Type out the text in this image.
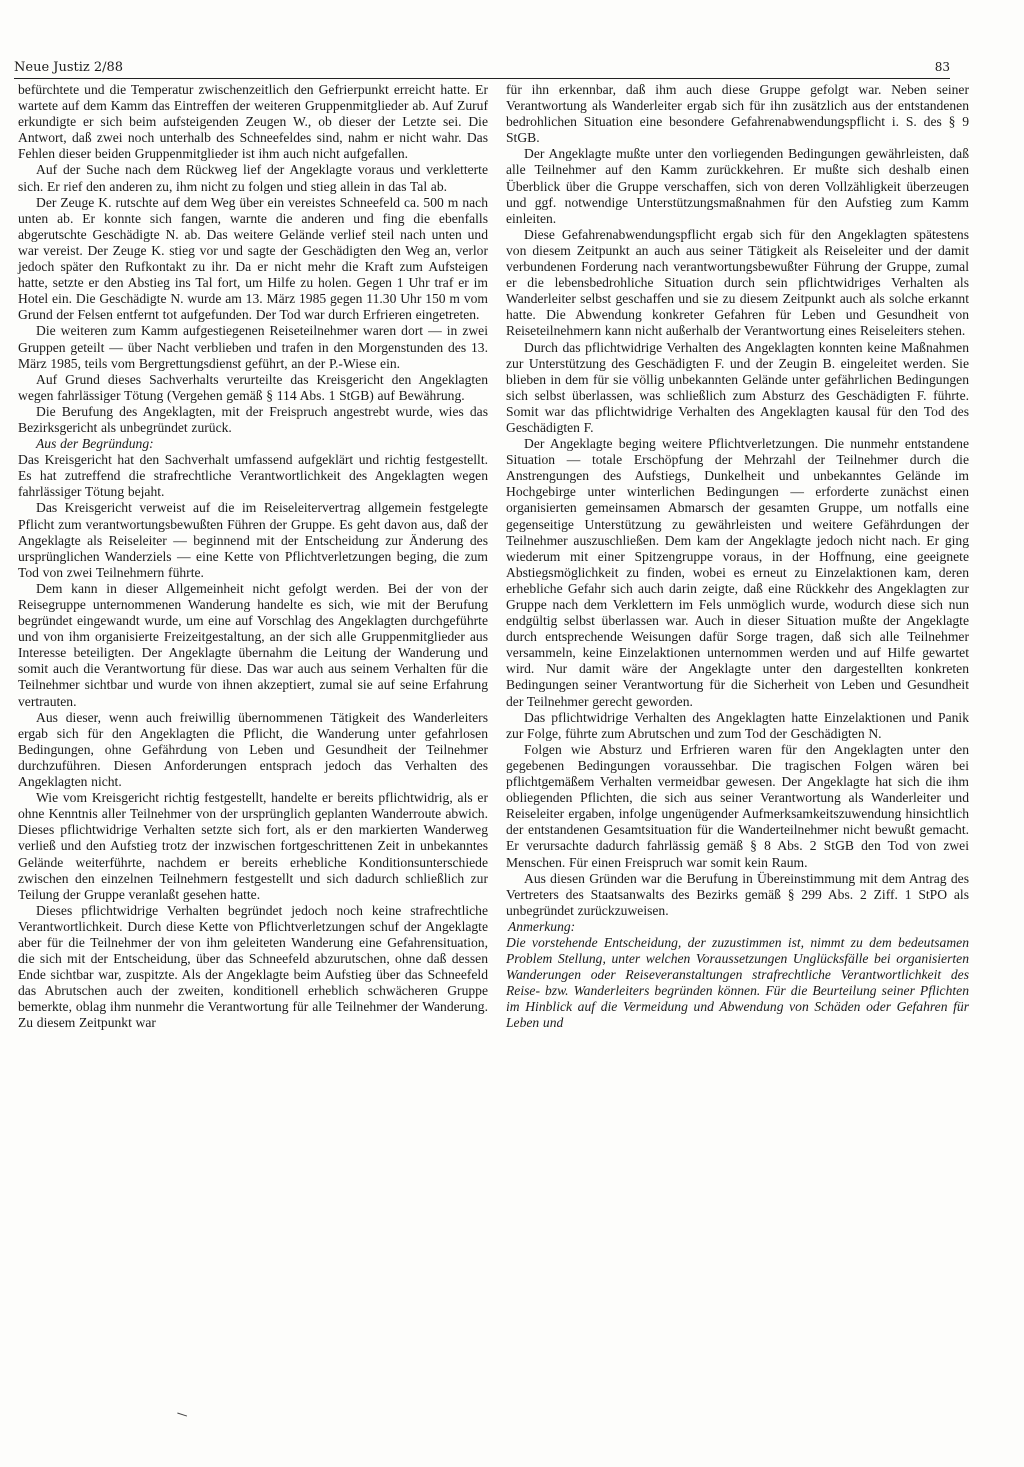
Neue Justiz 2/88	83

befürchtete und die Temperatur zwischenzeitlich den Gefrierpunkt erreicht hatte. Er wartete auf dem Kamm das Eintreffen der weiteren Gruppenmitglieder ab. Auf Zuruf erkundigte er sich beim aufsteigenden Zeugen W., ob dieser der Letzte sei. Die Antwort, daß zwei noch unterhalb des Schneefeldes sind, nahm er nicht wahr. Das Fehlen dieser beiden Gruppenmitglieder ist ihm auch nicht aufgefallen.

Auf der Suche nach dem Rückweg lief der Angeklagte voraus und verkletterte sich. Er rief den anderen zu, ihm nicht zu folgen und stieg allein in das Tal ab.

Der Zeuge K. rutschte auf dem Weg über ein vereistes Schneefeld ca. 500 m nach unten ab. Er konnte sich fangen, warnte die anderen und fing die ebenfalls abgerutschte Geschädigte N. ab. Das weitere Gelände verlief steil nach unten und war vereist. Der Zeuge K. stieg vor und sagte der Geschädigten den Weg an, verlor jedoch später den Rufkontakt zu ihr. Da er nicht mehr die Kraft zum Aufsteigen hatte, setzte er den Abstieg ins Tal fort, um Hilfe zu holen. Gegen 1 Uhr traf er im Hotel ein. Die Geschädigte N. wurde am 13. März 1985 gegen 11.30 Uhr 150 m vom Grund der Felsen entfernt tot aufgefunden. Der Tod war durch Erfrieren eingetreten.

Die weiteren zum Kamm aufgestiegenen Reiseteilnehmer waren dort — in zwei Gruppen geteilt — über Nacht verblieben und trafen in den Morgenstunden des 13. März 1985, teils vom Bergrettungsdienst geführt, an der P.-Wiese ein.

Auf Grund dieses Sachverhalts verurteilte das Kreisgericht den Angeklagten wegen fahrlässiger Tötung (Vergehen gemäß § 114 Abs. 1 StGB) auf Bewährung.

Die Berufung des Angeklagten, mit der Freispruch angestrebt wurde, wies das Bezirksgericht als unbegründet zurück.

Aus der Begründung:

Das Kreisgericht hat den Sachverhalt umfassend aufgeklärt und richtig festgestellt. Es hat zutreffend die strafrechtliche Verantwortlichkeit des Angeklagten wegen fahrlässiger Tötung bejaht.

Das Kreisgericht verweist auf die im Reiseleitervertrag allgemein festgelegte Pflicht zum verantwortungsbewußten Führen der Gruppe. Es geht davon aus, daß der Angeklagte als Reiseleiter — beginnend mit der Entscheidung zur Änderung des ursprünglichen Wanderziels — eine Kette von Pflichtverletzungen beging, die zum Tod von zwei Teilnehmern führte.

Dem kann in dieser Allgemeinheit nicht gefolgt werden. Bei der von der Reisegruppe unternommenen Wanderung handelte es sich, wie mit der Berufung begründet eingewandt wurde, um eine auf Vorschlag des Angeklagten durchgeführte und von ihm organisierte Freizeitgestaltung, an der sich alle Gruppenmitglieder aus Interesse beteiligten. Der Angeklagte übernahm die Leitung der Wanderung und somit auch die Verantwortung für diese. Das war auch aus seinem Verhalten für die Teilnehmer sichtbar und wurde von ihnen akzeptiert, zumal sie auf seine Erfahrung vertrauten.

Aus dieser, wenn auch freiwillig übernommenen Tätigkeit des Wanderleiters ergab sich für den Angeklagten die Pflicht, die Wanderung unter gefahrlosen Bedingungen, ohne Gefährdung von Leben und Gesundheit der Teilnehmer durchzuführen. Diesen Anforderungen entsprach jedoch das Verhalten des Angeklagten nicht.

Wie vom Kreisgericht richtig festgestellt, handelte er bereits pflichtwidrig, als er ohne Kenntnis aller Teilnehmer von der ursprünglich geplanten Wanderroute abwich. Dieses pflichtwidrige Verhalten setzte sich fort, als er den markierten Wanderweg verließ und den Aufstieg trotz der inzwischen fortgeschrittenen Zeit in unbekanntes Gelände weiterführte, nachdem er bereits erhebliche Konditionsunterschiede zwischen den einzelnen Teilnehmern festgestellt und sich dadurch schließlich zur Teilung der Gruppe veranlaßt gesehen hatte.

Dieses pflichtwidrige Verhalten begründet jedoch noch keine strafrechtliche Verantwortlichkeit. Durch diese Kette von Pflichtverletzungen schuf der Angeklagte aber für die Teilnehmer der von ihm geleiteten Wanderung eine Gefahrensituation, die sich mit der Entscheidung, über das Schneefeld abzurutschen, ohne daß dessen Ende sichtbar war, zuspitzte. Als der Angeklagte beim Aufstieg über das Schneefeld das Abrutschen auch der zweiten, konditionell erheblich schwächeren Gruppe bemerkte, oblag ihm nunmehr die Verantwortung für alle Teilnehmer der Wanderung. Zu diesem Zeitpunkt war

für ihn erkennbar, daß ihm auch diese Gruppe gefolgt war. Neben seiner Verantwortung als Wanderleiter ergab sich für ihn zusätzlich aus der entstandenen bedrohlichen Situation eine besondere Gefahrenabwendungspflicht i. S. des § 9 StGB.

Der Angeklagte mußte unter den vorliegenden Bedingungen gewährleisten, daß alle Teilnehmer auf den Kamm zurückkehren. Er mußte sich deshalb einen Überblick über die Gruppe verschaffen, sich von deren Vollzähligkeit überzeugen und ggf. notwendige Unterstützungsmaßnahmen für den Aufstieg zum Kamm einleiten.

Diese Gefahrenabwendungspflicht ergab sich für den Angeklagten spätestens von diesem Zeitpunkt an auch aus seiner Tätigkeit als Reiseleiter und der damit verbundenen Forderung nach verantwortungsbewußter Führung der Gruppe, zumal er die lebensbedrohliche Situation durch sein pflichtwidriges Verhalten als Wanderleiter selbst geschaffen und sie zu diesem Zeitpunkt auch als solche erkannt hatte. Die Abwendung konkreter Gefahren für Leben und Gesundheit von Reiseteilnehmern kann nicht außerhalb der Verantwortung eines Reiseleiters stehen.

Durch das pflichtwidrige Verhalten des Angeklagten konnten keine Maßnahmen zur Unterstützung des Geschädigten F. und der Zeugin B. eingeleitet werden. Sie blieben in dem für sie völlig unbekannten Gelände unter gefährlichen Bedingungen sich selbst überlassen, was schließlich zum Absturz des Geschädigten F. führte. Somit war das pflichtwidrige Verhalten des Angeklagten kausal für den Tod des Geschädigten F.

Der Angeklagte beging weitere Pflichtverletzungen. Die nunmehr entstandene Situation — totale Erschöpfung der Mehrzahl der Teilnehmer durch die Anstrengungen des Aufstiegs, Dunkelheit und unbekanntes Gelände im Hochgebirge unter winterlichen Bedingungen — erforderte zunächst einen organisierten gemeinsamen Abmarsch der gesamten Gruppe, um notfalls eine gegenseitige Unterstützung zu gewährleisten und weitere Gefährdungen der Teilnehmer auszuschließen. Dem kam der Angeklagte jedoch nicht nach. Er ging wiederum mit einer Spitzengruppe voraus, in der Hoffnung, eine geeignete Abstiegsmöglichkeit zu finden, wobei es erneut zu Einzelaktionen kam, deren erhebliche Gefahr sich auch darin zeigte, daß eine Rückkehr des Angeklagten zur Gruppe nach dem Verklettern im Fels unmöglich wurde, wodurch diese sich nun endgültig selbst überlassen war. Auch in dieser Situation mußte der Angeklagte durch entsprechende Weisungen dafür Sorge tragen, daß sich alle Teilnehmer versammeln, keine Einzelaktionen unternommen werden und auf Hilfe gewartet wird. Nur damit wäre der Angeklagte unter den dargestellten konkreten Bedingungen seiner Verantwortung für die Sicherheit von Leben und Gesundheit der Teilnehmer gerecht geworden.

Das pflichtwidrige Verhalten des Angeklagten hatte Einzelaktionen und Panik zur Folge, führte zum Abrutschen und zum Tod der Geschädigten N.

Folgen wie Absturz und Erfrieren waren für den Angeklagten unter den gegebenen Bedingungen voraussehbar. Die tragischen Folgen wären bei pflichtgemäßem Verhalten vermeidbar gewesen. Der Angeklagte hat sich die ihm obliegenden Pflichten, die sich aus seiner Verantwortung als Wanderleiter und Reiseleiter ergaben, infolge ungenügender Aufmerksamkeitszuwendung hinsichtlich der entstandenen Gesamtsituation für die Wanderteilnehmer nicht bewußt gemacht. Er verursachte dadurch fahrlässig gemäß § 8 Abs. 2 StGB den Tod von zwei Menschen. Für einen Freispruch war somit kein Raum.

Aus diesen Gründen war die Berufung in Übereinstimmung mit dem Antrag des Vertreters des Staatsanwalts des Bezirks gemäß § 299 Abs. 2 Ziff. 1 StPO als unbegründet zurückzuweisen.

Anmerkung:

Die vorstehende Entscheidung, der zuzustimmen ist, nimmt zu dem bedeutsamen Problem Stellung, unter welchen Voraussetzungen Unglücksfälle bei organisierten Wanderungen oder Reiseveranstaltungen strafrechtliche Verantwortlichkeit des Reise- bzw. Wanderleiters begründen können. Für die Beurteilung seiner Pflichten im Hinblick auf die Vermeidung und Abwendung von Schäden oder Gefahren für Leben und
